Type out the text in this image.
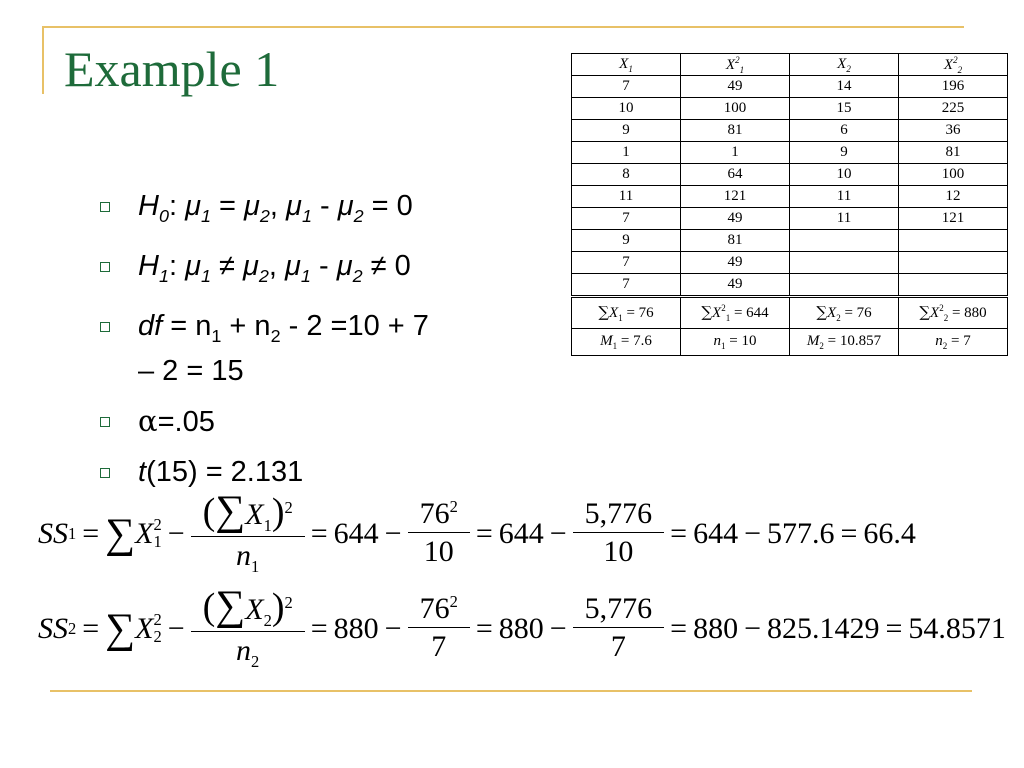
Example 1
$H_0$: $\mu_1 = \mu_2$, $\mu_1 - \mu_2 = 0$
$H_1$: $\mu_1 \ne \mu_2$, $\mu_1 - \mu_2 \ne 0$
df = $n_1 + n_2 - 2 =10 + 7$
– 2 = 15
α=.05
t(15) = 2.131
$X_1$	$X^2_1$	$X_2$	$X^2_2$
7	49	14	196
10	100	15	225
9	81	6	36
1	1	9	81
8	64	10	100
11	121	11	12
7	49	11	121
9	81		
7	49		
7	49		
$\sum X_1 = 76$	$\sum X^2_1 = 644$	$\sum X_2 = 76$	$\sum X^2_2 = 880$
$M_1 = 7.6$	$n_1 = 10$	$M_2 = 10.857$	$n_2 = 7$
SS 1 = ∑ X 2
$1 - \frac{(\sum X_1)^2}{n_1} = 644 - \frac{76^2}{10} = 644 - \frac{5,776}{10} = 644 - 577.6 = 66.4$
SS 2 = ∑ X 2
$2 - \frac{(\sum X_2)^2}{n_2} = 880 - \frac{76^2}{7} = 880 - \frac{5,776}{7} = 880 - 825.1429 = 54.8571$
